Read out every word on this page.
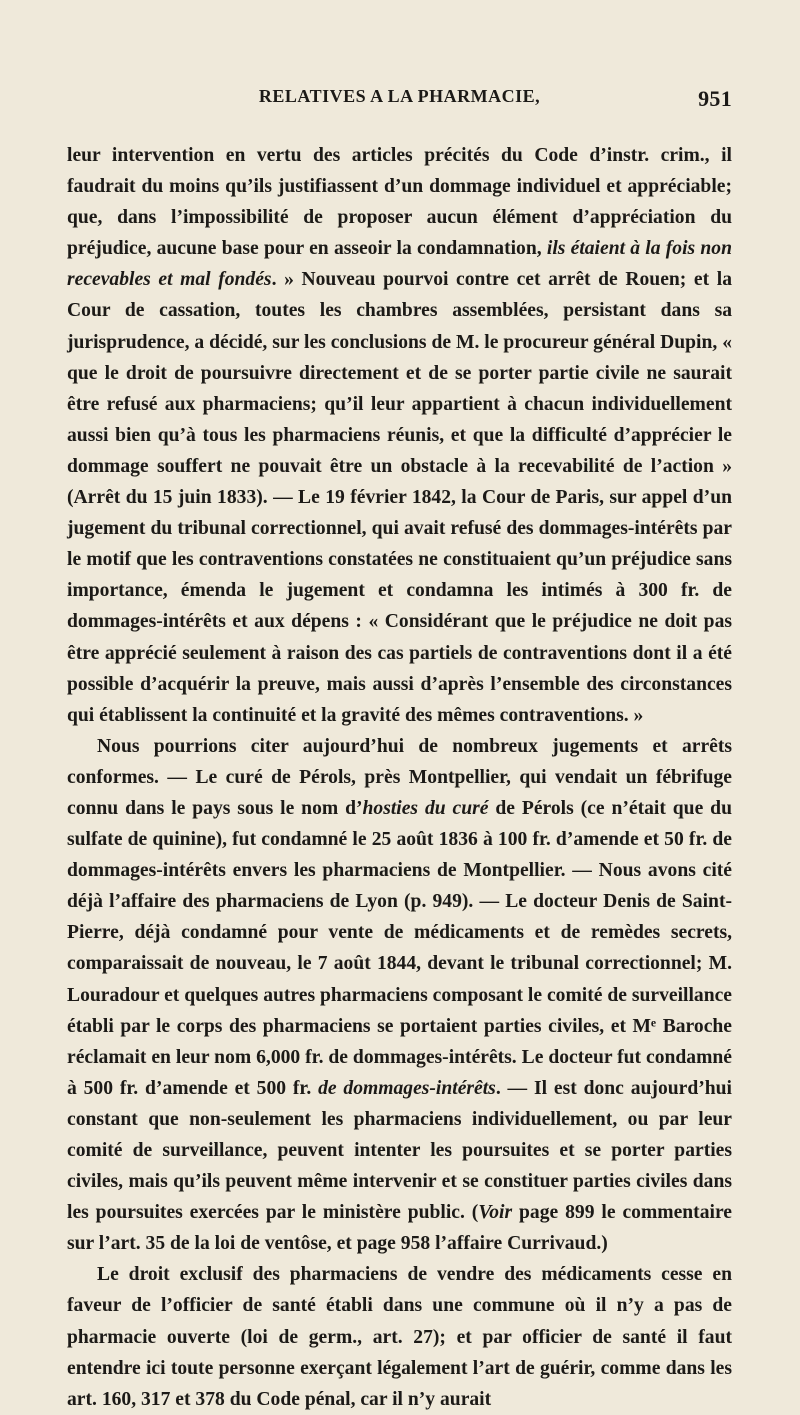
RELATIVES A LA PHARMACIE,	951

leur intervention en vertu des articles précités du Code d’instr. crim., il faudrait du moins qu’ils justifiassent d’un dommage individuel et appréciable; que, dans l’impossibilité de proposer aucun élément d’appréciation du préjudice, aucune base pour en asseoir la condamnation, ils étaient à la fois non recevables et mal fondés. » Nouveau pourvoi contre cet arrêt de Rouen; et la Cour de cassation, toutes les chambres assemblées, persistant dans sa jurisprudence, a décidé, sur les conclusions de M. le procureur général Dupin, « que le droit de poursuivre directement et de se porter partie civile ne saurait être refusé aux pharmaciens; qu’il leur appartient à chacun individuellement aussi bien qu’à tous les pharmaciens réunis, et que la difficulté d’apprécier le dommage souffert ne pouvait être un obstacle à la recevabilité de l’action » (Arrêt du 15 juin 1833). — Le 19 février 1842, la Cour de Paris, sur appel d’un jugement du tribunal correctionnel, qui avait refusé des dommages-intérêts par le motif que les contraventions constatées ne constituaient qu’un préjudice sans importance, émenda le jugement et condamna les intimés à 300 fr. de dommages-intérêts et aux dépens : « Considérant que le préjudice ne doit pas être apprécié seulement à raison des cas partiels de contraventions dont il a été possible d’acquérir la preuve, mais aussi d’après l’ensemble des circonstances qui établissent la continuité et la gravité des mêmes contraventions. »

Nous pourrions citer aujourd’hui de nombreux jugements et arrêts conformes. — Le curé de Pérols, près Montpellier, qui vendait un fébrifuge connu dans le pays sous le nom d’hosties du curé de Pérols (ce n’était que du sulfate de quinine), fut condamné le 25 août 1836 à 100 fr. d’amende et 50 fr. de dommages-intérêts envers les pharmaciens de Montpellier. — Nous avons cité déjà l’affaire des pharmaciens de Lyon (p. 949). — Le docteur Denis de Saint-Pierre, déjà condamné pour vente de médicaments et de remèdes secrets, comparaissait de nouveau, le 7 août 1844, devant le tribunal correctionnel; M. Louradour et quelques autres pharmaciens composant le comité de surveillance établi par le corps des pharmaciens se portaient parties civiles, et Mᵉ Baroche réclamait en leur nom 6,000 fr. de dommages-intérêts. Le docteur fut condamné à 500 fr. d’amende et 500 fr. de dommages-intérêts. — Il est donc aujourd’hui constant que non-seulement les pharmaciens individuellement, ou par leur comité de surveillance, peuvent intenter les poursuites et se porter parties civiles, mais qu’ils peuvent même intervenir et se constituer parties civiles dans les poursuites exercées par le ministère public. (Voir page 899 le commentaire sur l’art. 35 de la loi de ventôse, et page 958 l’affaire Currivaud.)

Le droit exclusif des pharmaciens de vendre des médicaments cesse en faveur de l’officier de santé établi dans une commune où il n’y a pas de pharmacie ouverte (loi de germ., art. 27); et par officier de santé il faut entendre ici toute personne exerçant légalement l’art de guérir, comme dans les art. 160, 317 et 378 du Code pénal, car il n’y aurait
